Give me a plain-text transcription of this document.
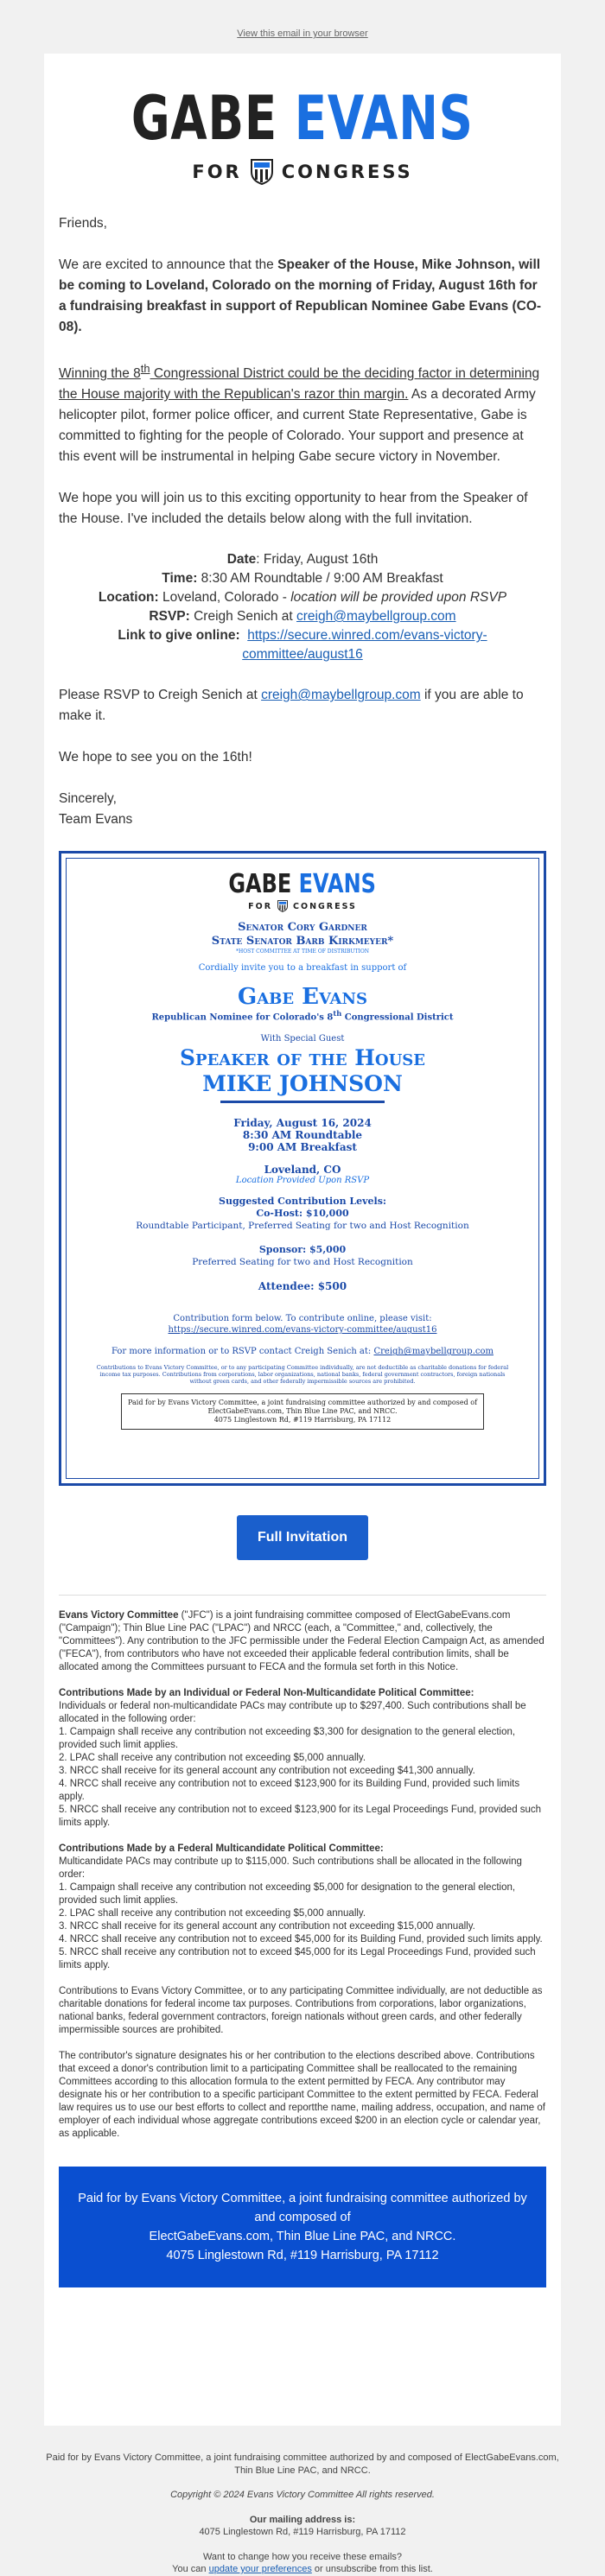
View this email in your browser
GABE EVANS
FOR CONGRESS

Friends,

We are excited to announce that the Speaker of the House, Mike Johnson, will be coming to Loveland, Colorado on the morning of Friday, August 16th for a fundraising breakfast in support of Republican Nominee Gabe Evans (CO-08).

Winning the 8th Congressional District could be the deciding factor in determining the House majority with the Republican's razor thin margin. As a decorated Army helicopter pilot, former police officer, and current State Representative, Gabe is committed to fighting for the people of Colorado. Your support and presence at this event will be instrumental in helping Gabe secure victory in November.

We hope you will join us to this exciting opportunity to hear from the Speaker of the House. I've included the details below along with the full invitation.

Date: Friday, August 16th
Time: 8:30 AM Roundtable / 9:00 AM Breakfast
Location: Loveland, Colorado - location will be provided upon RSVP
RSVP: Creigh Senich at creigh@maybellgroup.com
Link to give online: https://secure.winred.com/evans-victory-committee/august16

Please RSVP to Creigh Senich at creigh@maybellgroup.com if you are able to make it.

We hope to see you on the 16th!

Sincerely,
Team Evans

GABE EVANS
FOR	CONGRESS
Senator Cory Gardner
State Senator Barb Kirkmeyer*
*HOST COMMITTEE AT TIME OF DISTRIBUTION
Cordially invite you to a breakfast in support of
Gabe Evans
Republican Nominee for Colorado's 8th Congressional District
With Special Guest
Speaker of the House
MIKE JOHNSON
Friday, August 16, 2024
8:30 AM Roundtable
9:00 AM Breakfast
Loveland, CO
Location Provided Upon RSVP
Suggested Contribution Levels:
Co-Host: $10,000
Roundtable Participant, Preferred Seating for two and Host Recognition
Sponsor: $5,000
Preferred Seating for two and Host Recognition
Attendee: $500
Contribution form below. To contribute online, please visit:
https://secure.winred.com/evans-victory-committee/august16
For more information or to RSVP contact Creigh Senich at: Creigh@maybellgroup.com
Contributions to Evans Victory Committee, or to any participating Committee individually, are not deductible as charitable donations for federal income tax purposes. Contributions from corporations, labor organizations, national banks, federal government contractors, foreign nationals without green cards, and other federally impermissible sources are prohibited.
Paid for by Evans Victory Committee, a joint fundraising committee authorized by and composed of
ElectGabeEvans.com, Thin Blue Line PAC, and NRCC.
4075 Linglestown Rd, #119 Harrisburg, PA 17112
Full Invitation

Evans Victory Committee ("JFC") is a joint fundraising committee composed of ElectGabeEvans.com ("Campaign"); Thin Blue Line PAC ("LPAC") and NRCC (each, a "Committee," and, collectively, the "Committees"). Any contribution to the JFC permissible under the Federal Election Campaign Act, as amended ("FECA"), from contributors who have not exceeded their applicable federal contribution limits, shall be allocated among the Committees pursuant to FECA and the formula set forth in this Notice.

Contributions Made by an Individual or Federal Non-Multicandidate Political Committee:
Individuals or federal non-multicandidate PACs may contribute up to $297,400. Such contributions shall be allocated in the following order:
1. Campaign shall receive any contribution not exceeding $3,300 for designation to the general election, provided such limit applies.
2. LPAC shall receive any contribution not exceeding $5,000 annually.
3. NRCC shall receive for its general account any contribution not exceeding $41,300 annually.
4. NRCC shall receive any contribution not to exceed $123,900 for its Building Fund, provided such limits apply.
5. NRCC shall receive any contribution not to exceed $123,900 for its Legal Proceedings Fund, provided such limits apply.

Contributions Made by a Federal Multicandidate Political Committee:
Multicandidate PACs may contribute up to $115,000. Such contributions shall be allocated in the following order:
1. Campaign shall receive any contribution not exceeding $5,000 for designation to the general election, provided such limit applies.
2. LPAC shall receive any contribution not exceeding $5,000 annually.
3. NRCC shall receive for its general account any contribution not exceeding $15,000 annually.
4. NRCC shall receive any contribution not to exceed $45,000 for its Building Fund, provided such limits apply.
5. NRCC shall receive any contribution not to exceed $45,000 for its Legal Proceedings Fund, provided such limits apply.

Contributions to Evans Victory Committee, or to any participating Committee individually, are not deductible as charitable donations for federal income tax purposes. Contributions from corporations, labor organizations, national banks, federal government contractors, foreign nationals without green cards, and other federally impermissible sources are prohibited.

The contributor's signature designates his or her contribution to the elections described above. Contributions that exceed a donor's contribution limit to a participating Committee shall be reallocated to the remaining Committees according to this allocation formula to the extent permitted by FECA. Any contributor may designate his or her contribution to a specific participant Committee to the extent permitted by FECA. Federal law requires us to use our best efforts to collect and reportthe name, mailing address, occupation, and name of employer of each individual whose aggregate contributions exceed $200 in an election cycle or calendar year, as applicable.

Paid for by Evans Victory Committee, a joint fundraising committee authorized by and composed of
ElectGabeEvans.com, Thin Blue Line PAC, and NRCC.
4075 Linglestown Rd, #119 Harrisburg, PA 17112

Paid for by Evans Victory Committee, a joint fundraising committee authorized by and composed of ElectGabeEvans.com, Thin Blue Line PAC, and NRCC.

Copyright © 2024 Evans Victory Committee All rights reserved.

Our mailing address is:
4075 Linglestown Rd, #119 Harrisburg, PA 17112

Want to change how you receive these emails?
You can update your preferences or unsubscribe from this list.
